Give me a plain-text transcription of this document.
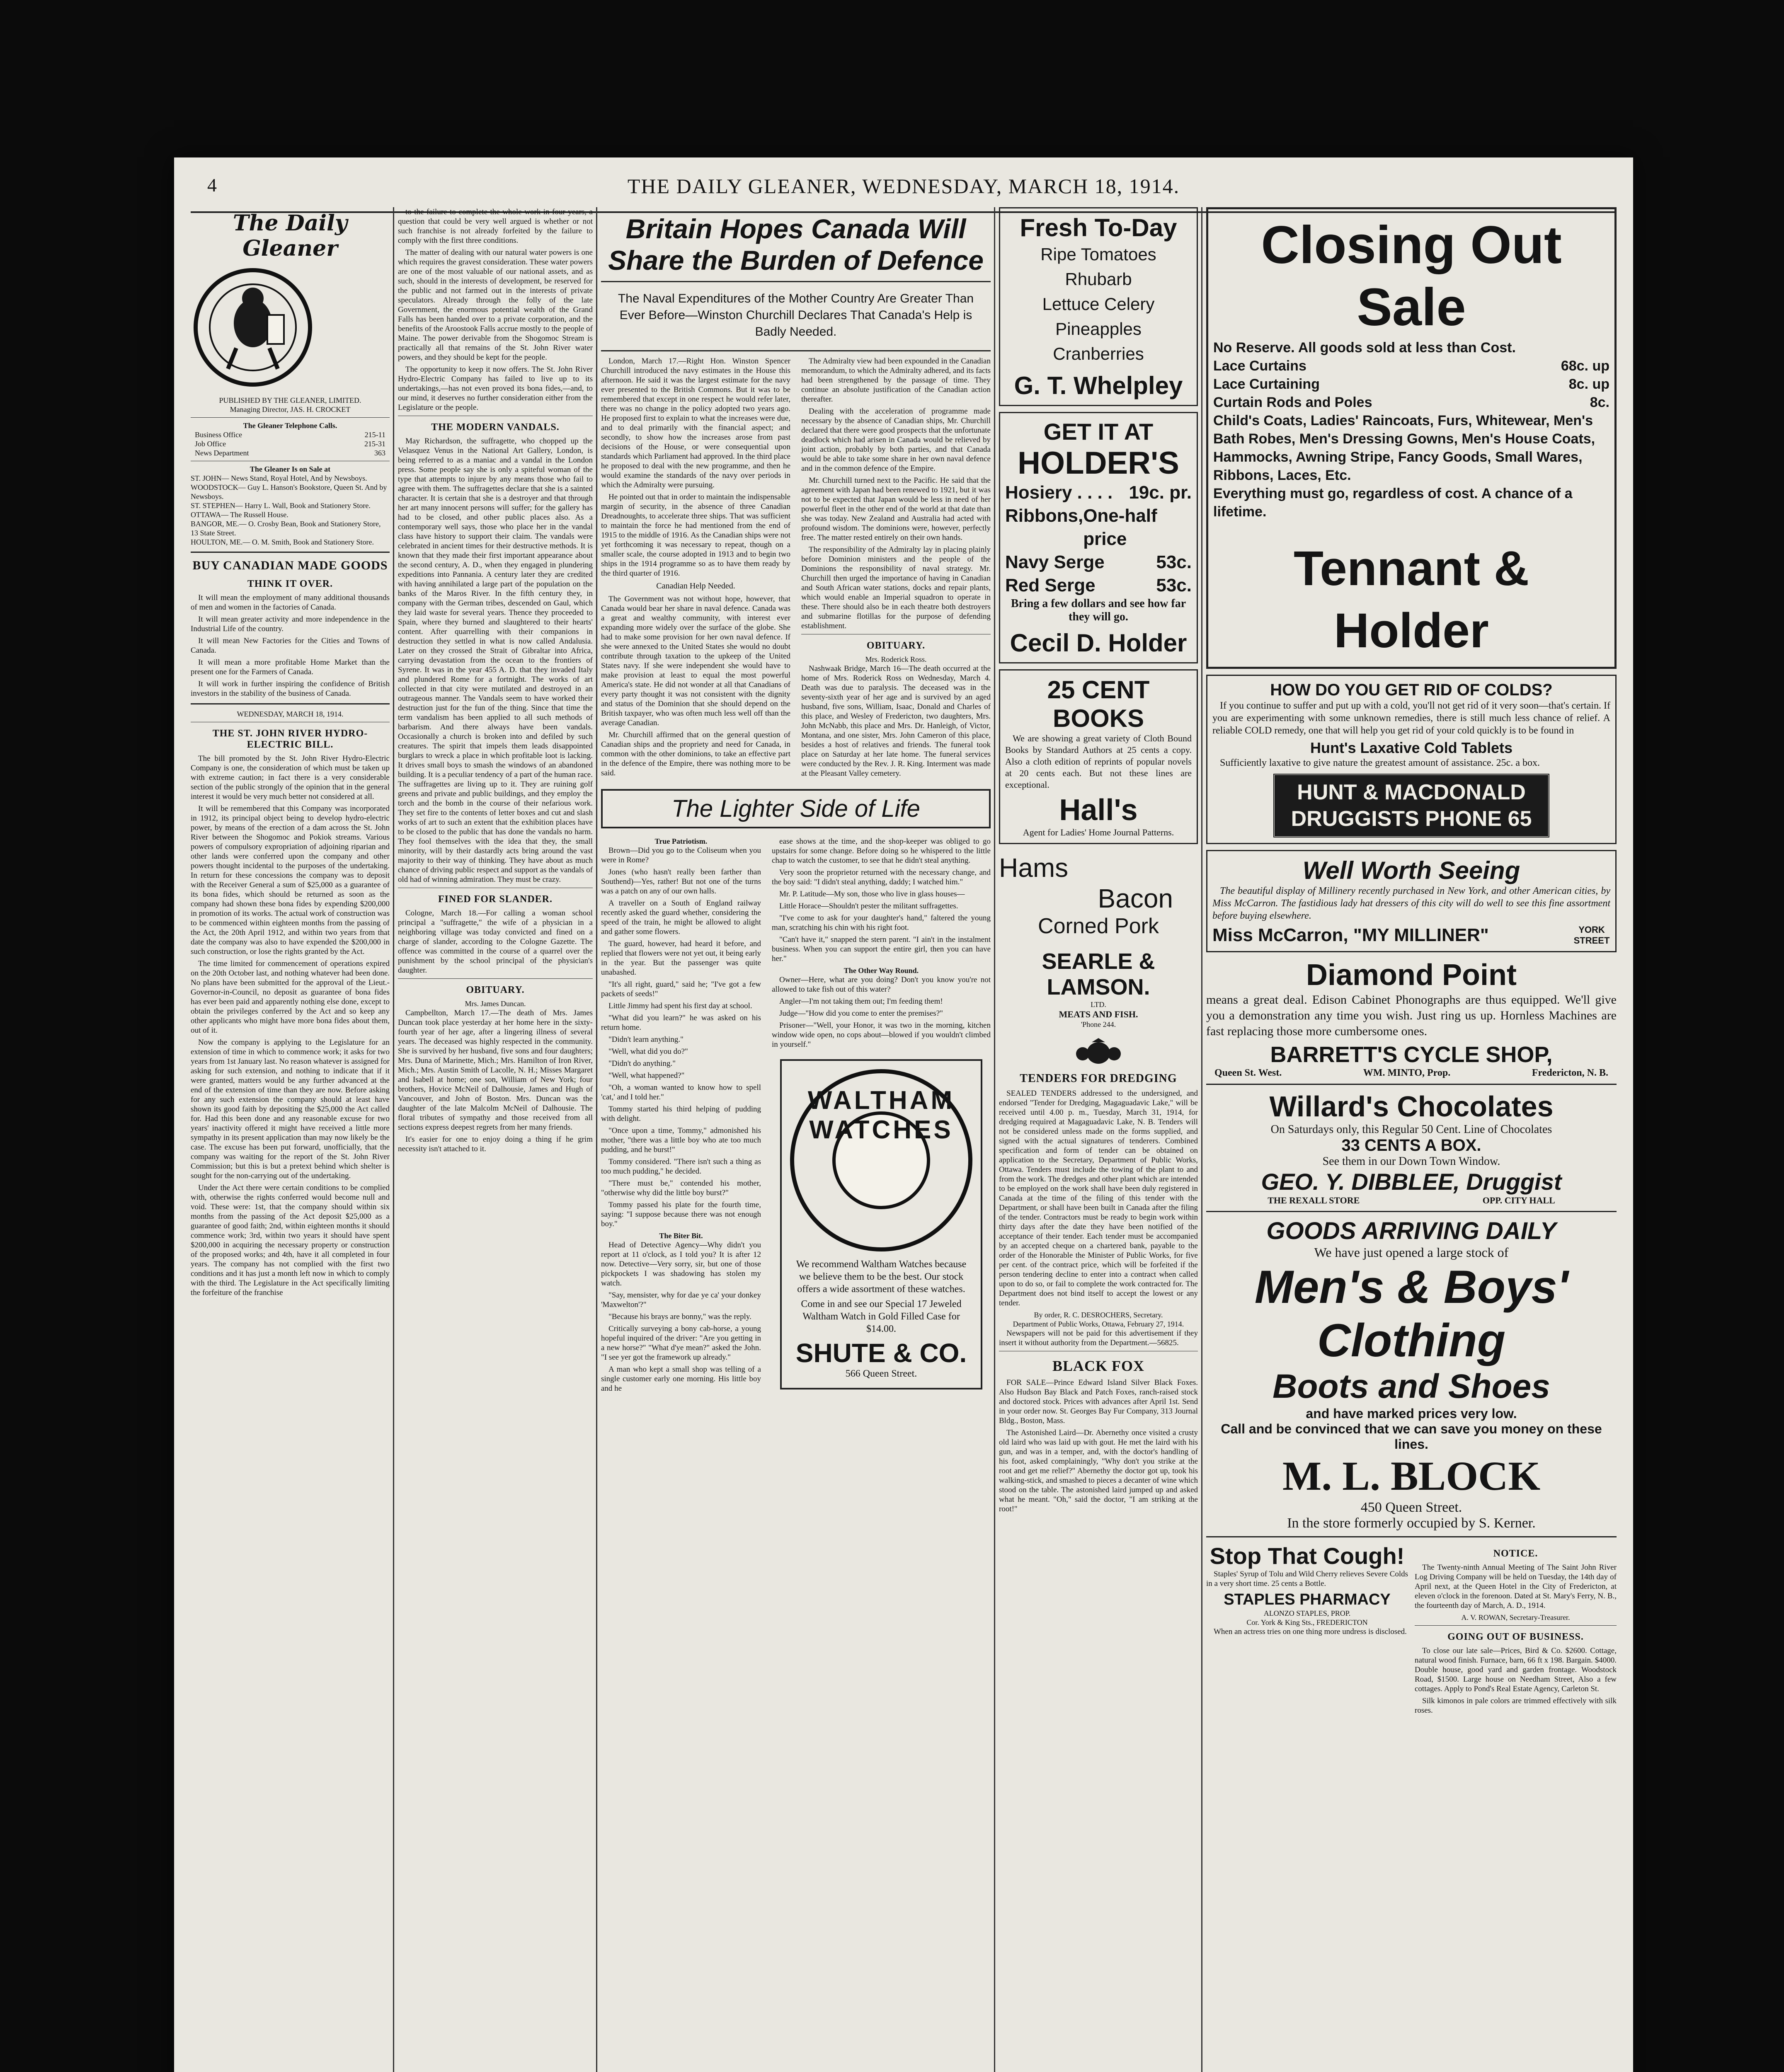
4	THE DAILY GLEANER, WEDNESDAY, MARCH 18, 1914.
The Daily Gleaner
PUBLISHED BY THE GLEANER, LIMITED.
Managing Director, JAS. H. CROCKET
The Gleaner Telephone Calls.
Business Office	215-11
Job Office	215-31
News Department	363
The Gleaner Is on Sale at
ST. JOHN— News Stand, Royal Hotel, And by Newsboys.
WOODSTOCK— Guy L. Hanson's Bookstore, Queen St. And by Newsboys.
ST. STEPHEN— Harry L. Wall, Book and Stationery Store.
OTTAWA— The Russell House.
BANGOR, ME.— O. Crosby Bean, Book and Stationery Store, 13 State Street.
HOULTON, ME.— O. M. Smith, Book and Stationery Store.
BUY CANADIAN MADE GOODS
THINK IT OVER.

It will mean the employment of many additional thousands of men and women in the factories of Canada.

It will mean greater activity and more independence in the Industrial Life of the country.

It will mean New Factories for the Cities and Towns of Canada.

It will mean a more profitable Home Market than the present one for the Farmers of Canada.

It will work in further inspiring the confidence of British investors in the stability of the business of Canada.

WEDNESDAY, MARCH 18, 1914.
THE ST. JOHN RIVER HYDRO-ELECTRIC BILL.

The bill promoted by the St. John River Hydro-Electric Company is one, the consideration of which must be taken up with extreme caution; in fact there is a very considerable section of the public strongly of the opinion that in the general interest it would be very much better not considered at all.

It will be remembered that this Company was incorporated in 1912, its principal object being to develop hydro-electric power, by means of the erection of a dam across the St. John River between the Shogomoc and Pokiok streams. Various powers of compulsory expropriation of adjoining riparian and other lands were conferred upon the company and other powers thought incidental to the purposes of the undertaking. In return for these concessions the company was to deposit with the Receiver General a sum of $25,000 as a guarantee of its bona fides, which should be returned as soon as the company had shown these bona fides by expending $200,000 in promotion of its works. The actual work of construction was to be commenced within eighteen months from the passing of the Act, the 20th April 1912, and within two years from that date the company was also to have expended the $200,000 in such construction, or lose the rights granted by the Act.

The time limited for commencement of operations expired on the 20th October last, and nothing whatever had been done. No plans have been submitted for the approval of the Lieut.-Governor-in-Council, no deposit as guarantee of bona fides has ever been paid and apparently nothing else done, except to obtain the privileges conferred by the Act and so keep any other applicants who might have more bona fides about them, out of it.

Now the company is applying to the Legislature for an extension of time in which to commence work; it asks for two years from 1st January last. No reason whatever is assigned for asking for such extension, and nothing to indicate that if it were granted, matters would be any further advanced at the end of the extension of time than they are now. Before asking for any such extension the company should at least have shown its good faith by depositing the $25,000 the Act called for. Had this been done and any reasonable excuse for two years' inactivity offered it might have received a little more sympathy in its present application than may now likely be the case. The excuse has been put forward, unofficially, that the company was waiting for the report of the St. John River Commission; but this is but a pretext behind which shelter is sought for the non-carrying out of the undertaking.

Under the Act there were certain conditions to be complied with, otherwise the rights conferred would become null and void. These were: 1st, that the company should within six months from the passing of the Act deposit $25,000 as a guarantee of good faith; 2nd, within eighteen months it should commence work; 3rd, within two years it should have spent $200,000 in acquiring the necessary property or construction of the proposed works; and 4th, have it all completed in four years. The company has not complied with the first two conditions and it has just a month left now in which to comply with the third. The Legislature in the Act specifically limiting the forfeiture of the franchise

to the failure to complete the whole work in four years, a question that could be very well argued is whether or not such franchise is not already forfeited by the failure to comply with the first three conditions.

The matter of dealing with our natural water powers is one which requires the gravest consideration. These water powers are one of the most valuable of our national assets, and as such, should in the interests of development, be reserved for the public and not farmed out in the interests of private speculators. Already through the folly of the late Government, the enormous potential wealth of the Grand Falls has been handed over to a private corporation, and the benefits of the Aroostook Falls accrue mostly to the people of Maine. The power derivable from the Shogomoc Stream is practically all that remains of the St. John River water powers, and they should be kept for the people.

The opportunity to keep it now offers. The St. John River Hydro-Electric Company has failed to live up to its undertakings,—has not even proved its bona fides,—and, to our mind, it deserves no further consideration either from the Legislature or the people.

THE MODERN VANDALS.

May Richardson, the suffragette, who chopped up the Velasquez Venus in the National Art Gallery, London, is being referred to as a maniac and a vandal in the London press. Some people say she is only a spiteful woman of the type that attempts to injure by any means those who fail to agree with them. The suffragettes declare that she is a sainted character. It is certain that she is a destroyer and that through her art many innocent persons will suffer; for the gallery has had to be closed, and other public places also. As a contemporary well says, those who place her in the vandal class have history to support their claim. The vandals were celebrated in ancient times for their destructive methods. It is known that they made their first important appearance about the second century, A. D., when they engaged in plundering expeditions into Pannania. A century later they are credited with having annihilated a large part of the population on the banks of the Maros River. In the fifth century they, in company with the German tribes, descended on Gaul, which they laid waste for several years. Thence they proceeded to Spain, where they burned and slaughtered to their hearts' content. After quarrelling with their companions in destruction they settled in what is now called Andalusia. Later on they crossed the Strait of Gibraltar into Africa, carrying devastation from the ocean to the frontiers of Syrene. It was in the year 455 A. D. that they invaded Italy and plundered Rome for a fortnight. The works of art collected in that city were mutilated and destroyed in an outrageous manner. The Vandals seem to have worked their destruction just for the fun of the thing. Since that time the term vandalism has been applied to all such methods of barbarism. And there always have been vandals. Occasionally a church is broken into and defiled by such creatures. The spirit that impels them leads disappointed burglars to wreck a place in which profitable loot is lacking. It drives small boys to smash the windows of an abandoned building. It is a peculiar tendency of a part of the human race. The suffragettes are living up to it. They are ruining golf greens and private and public buildings, and they employ the torch and the bomb in the course of their nefarious work. They set fire to the contents of letter boxes and cut and slash works of art to such an extent that the exhibition places have to be closed to the public that has done the vandals no harm. They fool themselves with the idea that they, the small minority, will by their dastardly acts bring around the vast majority to their way of thinking. They have about as much chance of driving public respect and support as the vandals of old had of winning admiration. They must be crazy.

FINED FOR SLANDER.

Cologne, March 18.—For calling a woman school principal a "suffragette," the wife of a physician in a neighboring village was today convicted and fined on a charge of slander, according to the Cologne Gazette. The offence was committed in the course of a quarrel over the punishment by the school principal of the physician's daughter.

OBITUARY.
Mrs. James Duncan.

Campbellton, March 17.—The death of Mrs. James Duncan took place yesterday at her home here in the sixty-fourth year of her age, after a lingering illness of several years. The deceased was highly respected in the community. She is survived by her husband, five sons and four daughters; Mrs. Duna of Marinette, Mich.; Mrs. Hamilton of Iron River, Mich.; Mrs. Austin Smith of Lacolle, N. H.; Misses Margaret and Isabell at home; one son, William of New York; four brothers, Hovice McNeil of Dalhousie, James and Hugh of Vancouver, and John of Boston. Mrs. Duncan was the daughter of the late Malcolm McNeil of Dalhousie. The floral tributes of sympathy and those received from all sections express deepest regrets from her many friends.

It's easier for one to enjoy doing a thing if he grim necessity isn't attached to it.

Britain Hopes Canada Will
Share the Burden of Defence
The Naval Expenditures of the Mother Country Are Greater Than Ever Before—Winston Churchill Declares That Canada's Help is Badly Needed.

London, March 17.—Right Hon. Winston Spencer Churchill introduced the navy estimates in the House this afternoon. He said it was the largest estimate for the navy ever presented to the British Commons. But it was to be remembered that except in one respect he would refer later, there was no change in the policy adopted two years ago. He proposed first to explain to what the increases were due, and to deal primarily with the financial aspect; and secondly, to show how the increases arose from past decisions of the House, or were consequential upon standards which Parliament had approved. In the third place he proposed to deal with the new programme, and then he would examine the standards of the navy over periods in which the Admiralty were pursuing.

He pointed out that in order to maintain the indispensable margin of security, in the absence of three Canadian Dreadnoughts, to accelerate three ships. That was sufficient to maintain the force he had mentioned from the end of 1915 to the middle of 1916. As the Canadian ships were not yet forthcoming it was necessary to repeat, though on a smaller scale, the course adopted in 1913 and to begin two ships in the 1914 programme so as to have them ready by the third quarter of 1916.

Canadian Help Needed.

The Government was not without hope, however, that Canada would bear her share in naval defence. Canada was a great and wealthy community, with interest ever expanding more widely over the surface of the globe. She had to make some provision for her own naval defence. If she were annexed to the United States she would no doubt contribute through taxation to the upkeep of the United States navy. If she were independent she would have to make provision at least to equal the most powerful America's state. He did not wonder at all that Canadians of every party thought it was not consistent with the dignity and status of the Dominion that she should depend on the British taxpayer, who was often much less well off than the average Canadian.

Mr. Churchill affirmed that on the general question of Canadian ships and the propriety and need for Canada, in common with the other dominions, to take an effective part in the defence of the Empire, there was nothing more to be said.

The Admiralty view had been expounded in the Canadian memorandum, to which the Admiralty adhered, and its facts had been strengthened by the passage of time. They continue an absolute justification of the Canadian action thereafter.

Dealing with the acceleration of programme made necessary by the absence of Canadian ships, Mr. Churchill declared that there were good prospects that the unfortunate deadlock which had arisen in Canada would be relieved by joint action, probably by both parties, and that Canada would be able to take some share in her own naval defence and in the common defence of the Empire.

Mr. Churchill turned next to the Pacific. He said that the agreement with Japan had been renewed to 1921, but it was not to be expected that Japan would be less in need of her powerful fleet in the other end of the world at that date than she was today. New Zealand and Australia had acted with profound wisdom. The dominions were, however, perfectly free. The matter rested entirely on their own hands.

The responsibility of the Admiralty lay in placing plainly before Dominion ministers and the people of the Dominions the responsibility of naval strategy. Mr. Churchill then urged the importance of having in Canadian and South African water stations, docks and repair plants, which would enable an Imperial squadron to operate in these. There should also be in each theatre both destroyers and submarine flotillas for the purpose of defending establishment.

OBITUARY.
Mrs. Roderick Ross.

Nashwaak Bridge, March 16—The death occurred at the home of Mrs. Roderick Ross on Wednesday, March 4. Death was due to paralysis. The deceased was in the seventy-sixth year of her age and is survived by an aged husband, five sons, William, Isaac, Donald and Charles of this place, and Wesley of Fredericton, two daughters, Mrs. John McNabb, this place and Mrs. Dr. Hanleigh, of Victor, Montana, and one sister, Mrs. John Cameron of this place, besides a host of relatives and friends. The funeral took place on Saturday at her late home. The funeral services were conducted by the Rev. J. R. King. Interment was made at the Pleasant Valley cemetery.

The Lighter Side of Life
True Patriotism.

Brown—Did you go to the Coliseum when you were in Rome?

Jones (who hasn't really been farther than Southend)—Yes, rather! But not one of the turns was a patch on any of our own halls.

A traveller on a South of England railway recently asked the guard whether, considering the speed of the train, he might be allowed to alight and gather some flowers.

The guard, however, had heard it before, and replied that flowers were not yet out, it being early in the year. But the passenger was quite unabashed.

"It's all right, guard," said he; "I've got a few packets of seeds!"

Little Jimmy had spent his first day at school.

"What did you learn?" he was asked on his return home.

"Didn't learn anything."

"Well, what did you do?"

"Didn't do anything."

"Well, what happened?"

"Oh, a woman wanted to know how to spell 'cat,' and I told her."

Tommy started his third helping of pudding with delight.

"Once upon a time, Tommy," admonished his mother, "there was a little boy who ate too much pudding, and he burst!"

Tommy considered. "There isn't such a thing as too much pudding," he decided.

"There must be," contended his mother, "otherwise why did the little boy burst?"

Tommy passed his plate for the fourth time, saying: "I suppose because there was not enough boy."

The Biter Bit.

Head of Detective Agency—Why didn't you report at 11 o'clock, as I told you? It is after 12 now. Detective—Very sorry, sir, but one of those pickpockets I was shadowing has stolen my watch.

"Say, mensister, why for dae ye ca' your donkey 'Maxwelton'?"

"Because his brays are bonny," was the reply.

Critically surveying a bony cab-horse, a young hopeful inquired of the driver: "Are you getting in a new horse?" "What d'ye mean?" asked the John. "I see yer got the framework up already."

A man who kept a small shop was telling of a single customer early one morning. His little boy and he

ease shows at the time, and the shop-keeper was obliged to go upstairs for some change. Before doing so he whispered to the little chap to watch the customer, to see that he didn't steal anything.

Very soon the proprietor returned with the necessary change, and the boy said: "I didn't steal anything, daddy; I watched him."

Mr. P. Latitude—My son, those who live in glass houses—

Little Horace—Shouldn't pester the militant suffragettes.

"I've come to ask for your daughter's hand," faltered the young man, scratching his chin with his right foot.

"Can't have it," snapped the stern parent. "I ain't in the instalment business. When you can support the entire girl, then you can have her."

The Other Way Round.

Owner—Here, what are you doing? Don't you know you're not allowed to take fish out of this water?

Angler—I'm not taking them out; I'm feeding them!

Judge—"How did you come to enter the premises?"

Prisoner—"Well, your Honor, it was two in the morning, kitchen window wide open, no cops about—blowed if you wouldn't climbed in yourself."

WALTHAM WATCHES

We recommend Waltham Watches because we believe them to be the best. Our stock offers a wide assortment of these watches.

Come in and see our Special 17 Jeweled Waltham Watch in Gold Filled Case for $14.00.

SHUTE & CO.
566 Queen Street.
Fresh To-Day
Ripe Tomatoes
Rhubarb
Lettuce Celery
Pineapples
Cranberries
G. T. Whelpley
GET IT AT
HOLDER'S
Hosiery . . . . 19c. pr.
Ribbons, One-half price
Navy Serge	53c.
Red Serge	53c.
Bring a few dollars and see how far they will go.
Cecil D. Holder
25 CENT BOOKS

We are showing a great variety of Cloth Bound Books by Standard Authors at 25 cents a copy. Also a cloth edition of reprints of popular novels at 20 cents each. But not these lines are exceptional.

Hall's
Agent for Ladies' Home Journal Patterns.
Hams
Bacon
Corned Pork
SEARLE & LAMSON.
LTD.
MEATS AND FISH.
'Phone 244.
TENDERS FOR DREDGING

SEALED TENDERS addressed to the undersigned, and endorsed "Tender for Dredging, Magaguadavic Lake," will be received until 4.00 p. m., Tuesday, March 31, 1914, for dredging required at Magaguadavic Lake, N. B. Tenders will not be considered unless made on the forms supplied, and signed with the actual signatures of tenderers. Combined specification and form of tender can be obtained on application to the Secretary, Department of Public Works, Ottawa. Tenders must include the towing of the plant to and from the work. The dredges and other plant which are intended to be employed on the work shall have been duly registered in Canada at the time of the filing of this tender with the Department, or shall have been built in Canada after the filing of the tender. Contractors must be ready to begin work within thirty days after the date they have been notified of the acceptance of their tender. Each tender must be accompanied by an accepted cheque on a chartered bank, payable to the order of the Honorable the Minister of Public Works, for five per cent. of the contract price, which will be forfeited if the person tendering decline to enter into a contract when called upon to do so, or fail to complete the work contracted for. The Department does not bind itself to accept the lowest or any tender.

By order, R. C. DESROCHERS, Secretary.
Department of Public Works, Ottawa, February 27, 1914.

Newspapers will not be paid for this advertisement if they insert it without authority from the Department.—56825.

BLACK FOX

FOR SALE—Prince Edward Island Silver Black Foxes. Also Hudson Bay Black and Patch Foxes, ranch-raised stock and doctored stock. Prices with advances after April 1st. Send in your order now. St. Georges Bay Fur Company, 313 Journal Bldg., Boston, Mass.

The Astonished Laird—Dr. Abernethy once visited a crusty old laird who was laid up with gout. He met the laird with his gun, and was in a temper, and, with the doctor's handling of his foot, asked complainingly, "Why don't you strike at the root and get me relief?" Abernethy the doctor got up, took his walking-stick, and smashed to pieces a decanter of wine which stood on the table. The astonished laird jumped up and asked what he meant. "Oh," said the doctor, "I am striking at the root!"

Closing Out Sale
No Reserve. All goods sold at less than Cost.
Lace Curtains	68c. up
Lace Curtaining	8c. up
Curtain Rods and Poles	8c.
Child's Coats, Ladies' Raincoats, Furs, Whitewear, Men's Bath Robes, Men's Dressing Gowns, Men's House Coats, Hammocks, Awning Stripe, Fancy Goods, Small Wares, Ribbons, Laces, Etc.
Everything must go, regardless of cost. A chance of a lifetime.
Tennant & Holder
HOW DO YOU GET RID OF COLDS?

If you continue to suffer and put up with a cold, you'll not get rid of it very soon—that's certain. If you are experimenting with some unknown remedies, there is still much less chance of relief. A reliable COLD remedy, one that will help you get rid of your cold quickly is to be found in

Hunt's Laxative Cold Tablets

Sufficiently laxative to give nature the greatest amount of assistance. 25c. a box.

HUNT & MACDONALD
DRUGGISTS PHONE 65
Well Worth Seeing

The beautiful display of Millinery recently purchased in New York, and other American cities, by Miss McCarron. The fastidious lady hat dressers of this city will do well to see this fine assortment before buying elsewhere.

Miss McCarron, "MY MILLINER"	YORK STREET
Diamond Point

means a great deal. Edison Cabinet Phonographs are thus equipped. We'll give you a demonstration any time you wish. Just ring us up. Hornless Machines are fast replacing those more cumbersome ones.

BARRETT'S CYCLE SHOP,
Queen St. West.	WM. MINTO, Prop.	Fredericton, N. B.
Willard's Chocolates
On Saturdays only, this Regular 50 Cent. Line of Chocolates
33 CENTS A BOX.
See them in our Down Town Window.
GEO. Y. DIBBLEE, Druggist
THE REXALL STORE	OPP. CITY HALL
GOODS ARRIVING DAILY
We have just opened a large stock of
Men's & Boys'
Clothing
Boots and Shoes
and have marked prices very low.
Call and be convinced that we can save you money on these lines.
M. L. BLOCK
450 Queen Street.
In the store formerly occupied by S. Kerner.
Stop That Cough!

Staples' Syrup of Tolu and Wild Cherry relieves Severe Colds in a very short time. 25 cents a Bottle.

STAPLES PHARMACY
ALONZO STAPLES, PROP.
Cor. York & King Sts., FREDERICTON

When an actress tries on one thing more undress is disclosed.

NOTICE.

The Twenty-ninth Annual Meeting of The Saint John River Log Driving Company will be held on Tuesday, the 14th day of April next, at the Queen Hotel in the City of Fredericton, at eleven o'clock in the forenoon. Dated at St. Mary's Ferry, N. B., the fourteenth day of March, A. D., 1914.

A. V. ROWAN, Secretary-Treasurer.
GOING OUT OF BUSINESS.

To close our late sale—Prices, Bird & Co. $2600. Cottage, natural wood finish. Furnace, barn, 66 ft x 198. Bargain. $4000. Double house, good yard and garden frontage. Woodstock Road, $1500. Large house on Needham Street, Also a few cottages. Apply to Pond's Real Estate Agency, Carleton St.

Silk kimonos in pale colors are trimmed effectively with silk roses.
